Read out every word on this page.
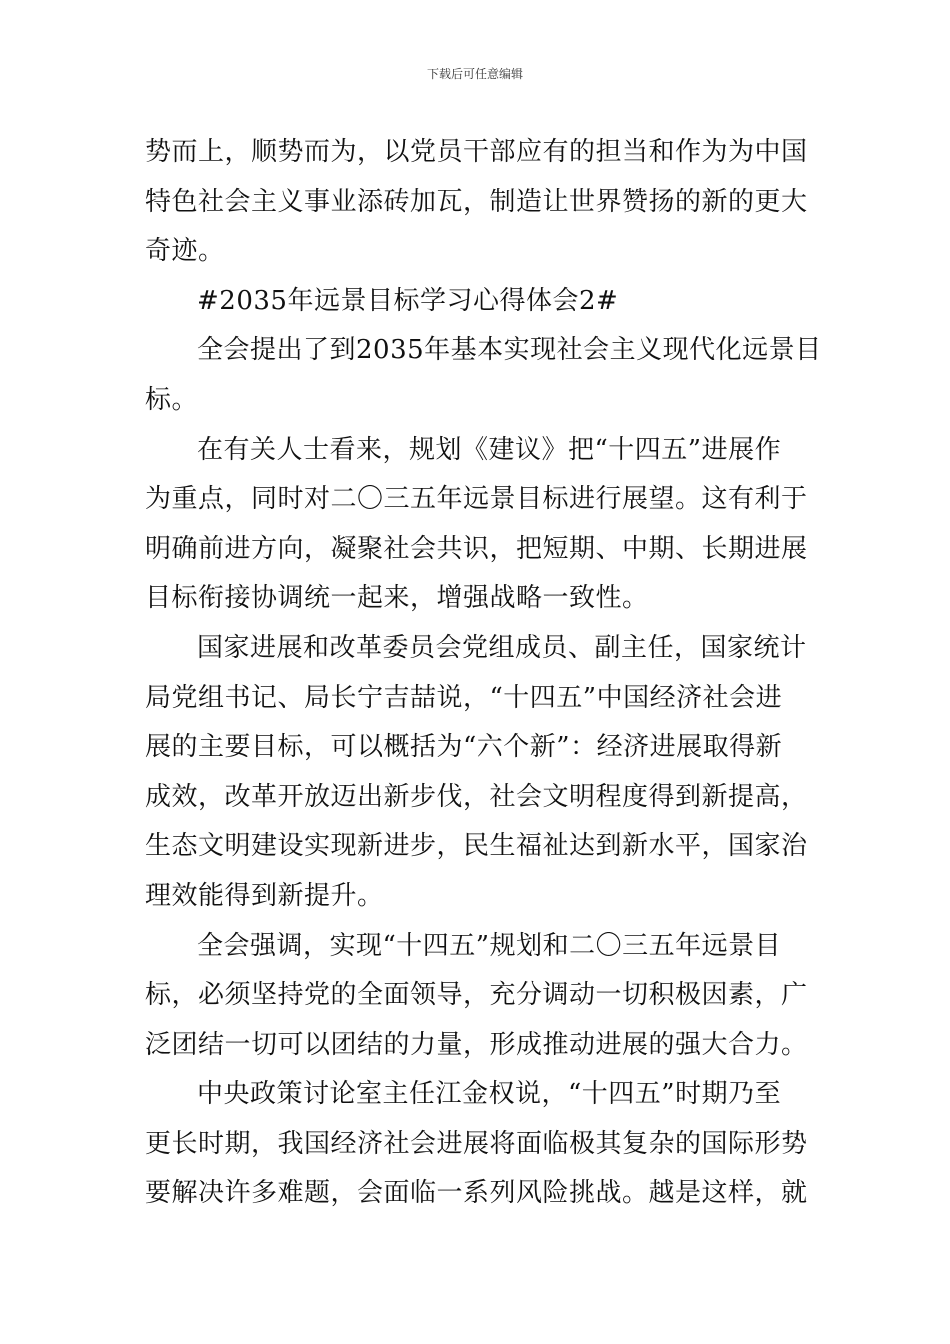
下载后可任意编辑
势而上，顺势而为，以党员干部应有的担当和作为为中国
特色社会主义事业添砖加瓦，制造让世界赞扬的新的更大
奇迹。
#2035年远景目标学习心得体会2#
全会提出了到2035年基本实现社会主义现代化远景目
标。
在有关人士看来，规划《建议》把“十四五”进展作
为重点，同时对二〇三五年远景目标进行展望。这有利于
明确前进方向，凝聚社会共识，把短期、中期、长期进展
目标衔接协调统一起来，增强战略一致性。
国家进展和改革委员会党组成员、副主任，国家统计
局党组书记、局长宁吉喆说，“十四五”中国经济社会进
展的主要目标，可以概括为“六个新”：经济进展取得新
成效，改革开放迈出新步伐，社会文明程度得到新提高，
生态文明建设实现新进步，民生福祉达到新水平，国家治
理效能得到新提升。
全会强调，实现“十四五”规划和二〇三五年远景目
标，必须坚持党的全面领导，充分调动一切积极因素，广
泛团结一切可以团结的力量，形成推动进展的强大合力。
中央政策讨论室主任江金权说，“十四五”时期乃至
更长时期，我国经济社会进展将面临极其复杂的国际形势
要解决许多难题，会面临一系列风险挑战。越是这样，就
